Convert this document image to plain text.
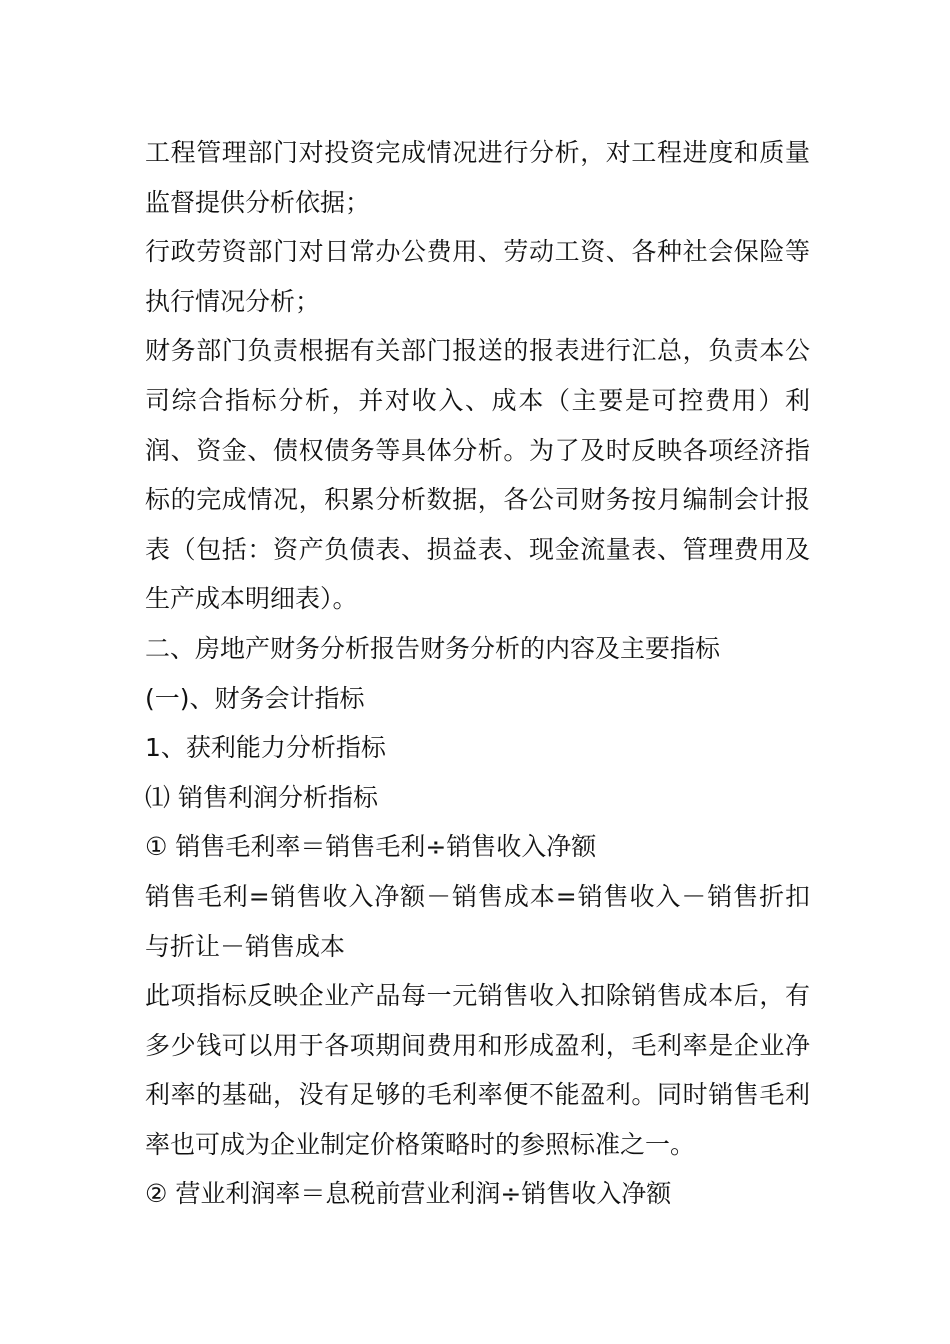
工程管理部门对投资完成情况进行分析，对工程进度和质量监督提供分析依据；

行政劳资部门对日常办公费用、劳动工资、各种社会保险等执行情况分析；

财务部门负责根据有关部门报送的报表进行汇总，负责本公司综合指标分析，并对收入、成本（主要是可控费用）利润、资金、债权债务等具体分析。为了及时反映各项经济指标的完成情况，积累分析数据，各公司财务按月编制会计报表（包括：资产负债表、损益表、现金流量表、管理费用及生产成本明细表）。

二、房地产财务分析报告财务分析的内容及主要指标

(一)、财务会计指标

1、获利能力分析指标

⑴ 销售利润分析指标

① 销售毛利率＝销售毛利÷销售收入净额

销售毛利=销售收入净额－销售成本=销售收入－销售折扣与折让－销售成本

此项指标反映企业产品每一元销售收入扣除销售成本后，有多少钱可以用于各项期间费用和形成盈利，毛利率是企业净利率的基础，没有足够的毛利率便不能盈利。同时销售毛利率也可成为企业制定价格策略时的参照标准之一。

② 营业利润率＝息税前营业利润÷销售收入净额
